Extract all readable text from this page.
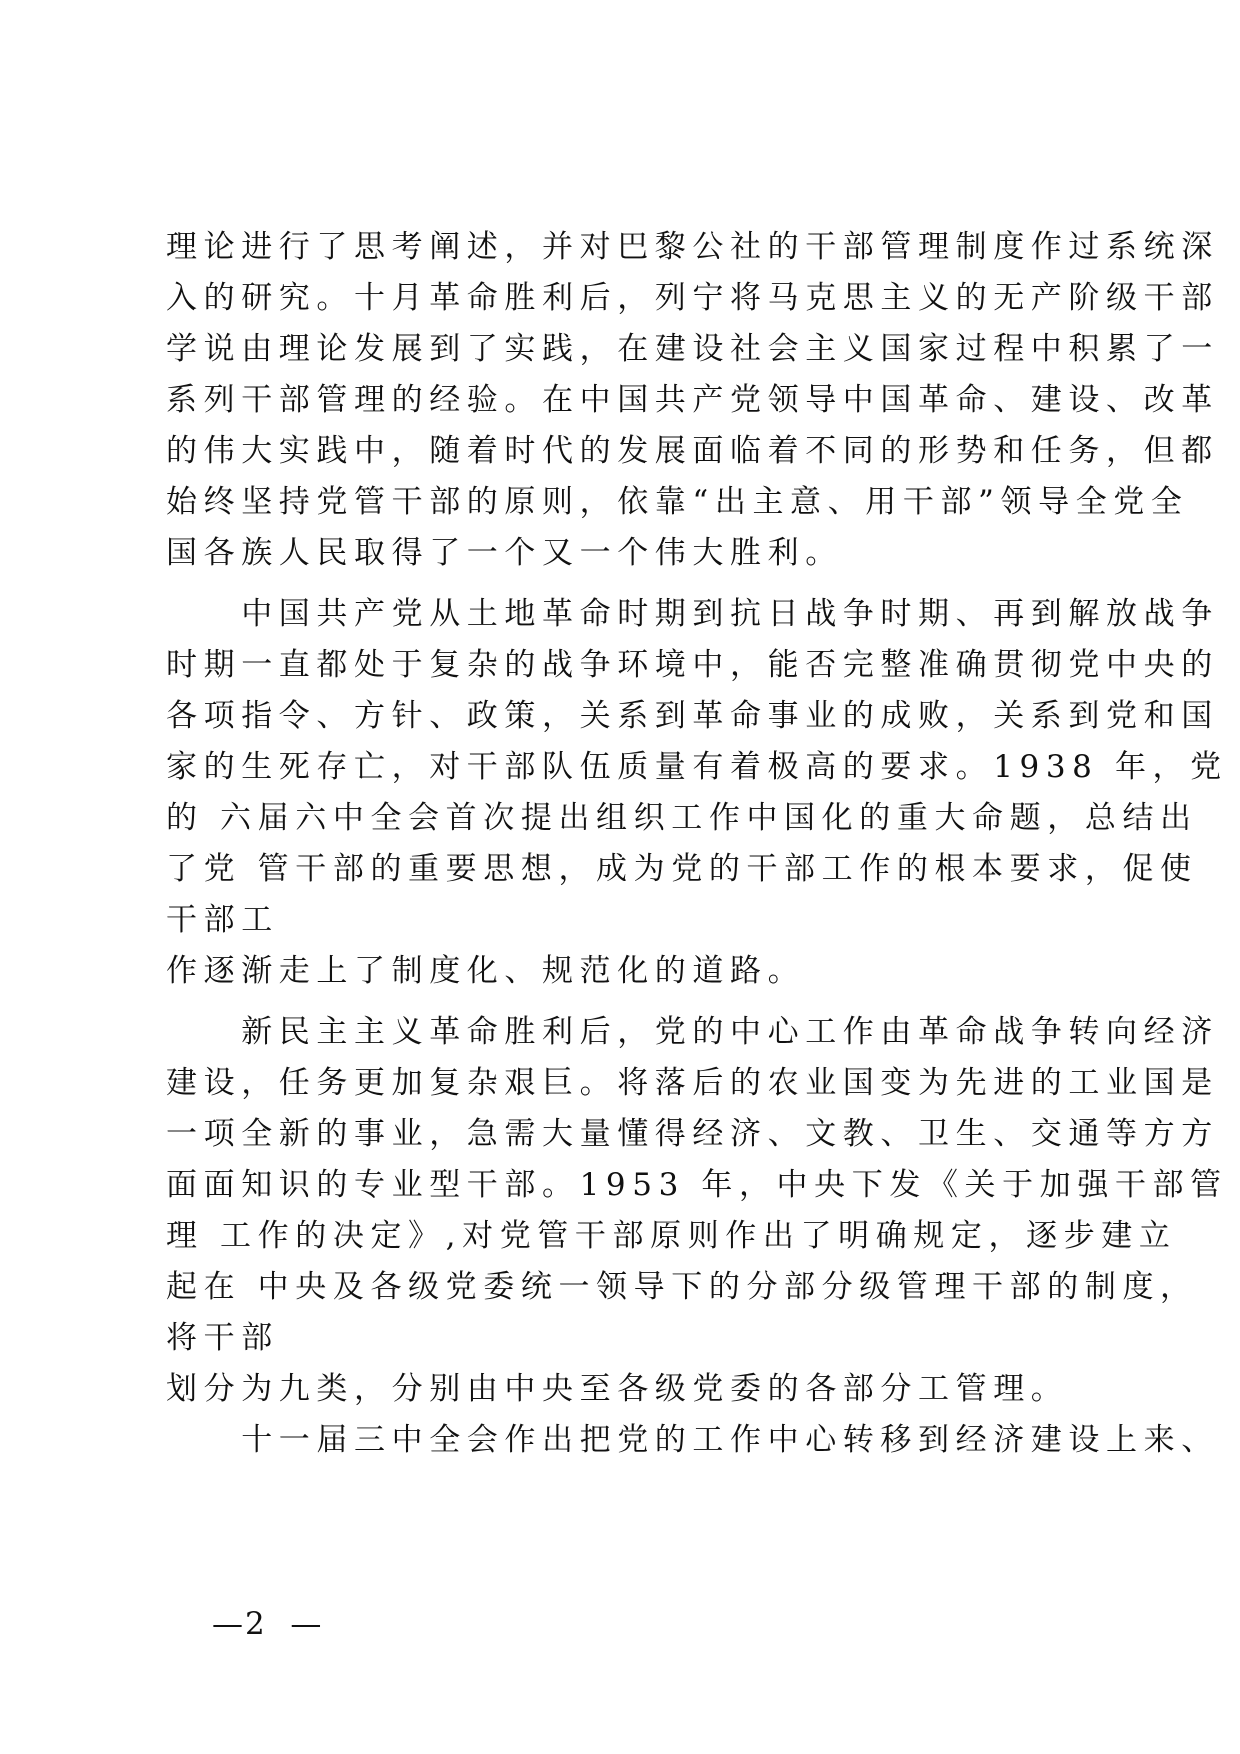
理论进行了思考阐述，并对巴黎公社的干部管理制度作过系统深
入的研究。十月革命胜利后，列宁将马克思主义的无产阶级干部
学说由理论发展到了实践，在建设社会主义国家过程中积累了一
系列干部管理的经验。在中国共产党领导中国革命、建设、改革
的伟大实践中，随着时代的发展面临着不同的形势和任务，但都
始终坚持党管干部的原则，依靠“出主意、用干部”领导全党全
国各族人民取得了一个又一个伟大胜利。
　　中国共产党从土地革命时期到抗日战争时期、再到解放战争
时期一直都处于复杂的战争环境中，能否完整准确贯彻党中央的
各项指令、方针、政策，关系到革命事业的成败，关系到党和国
家的生死存亡，对干部队伍质量有着极高的要求。1938 年，党
的 六届六中全会首次提出组织工作中国化的重大命题，总结出
了党 管干部的重要思想，成为党的干部工作的根本要求，促使
干部工
作逐渐走上了制度化、规范化的道路。
　　新民主主义革命胜利后，党的中心工作由革命战争转向经济
建设，任务更加复杂艰巨。将落后的农业国变为先进的工业国是
一项全新的事业，急需大量懂得经济、文教、卫生、交通等方方
面面知识的专业型干部。1953 年，中央下发《关于加强干部管
理 工作的决定》,对党管干部原则作出了明确规定，逐步建立
起在 中央及各级党委统一领导下的分部分级管理干部的制度，
将干部
划分为九类，分别由中央至各级党委的各部分工管理。
　　十一届三中全会作出把党的工作中心转移到经济建设上来、
—2  —
